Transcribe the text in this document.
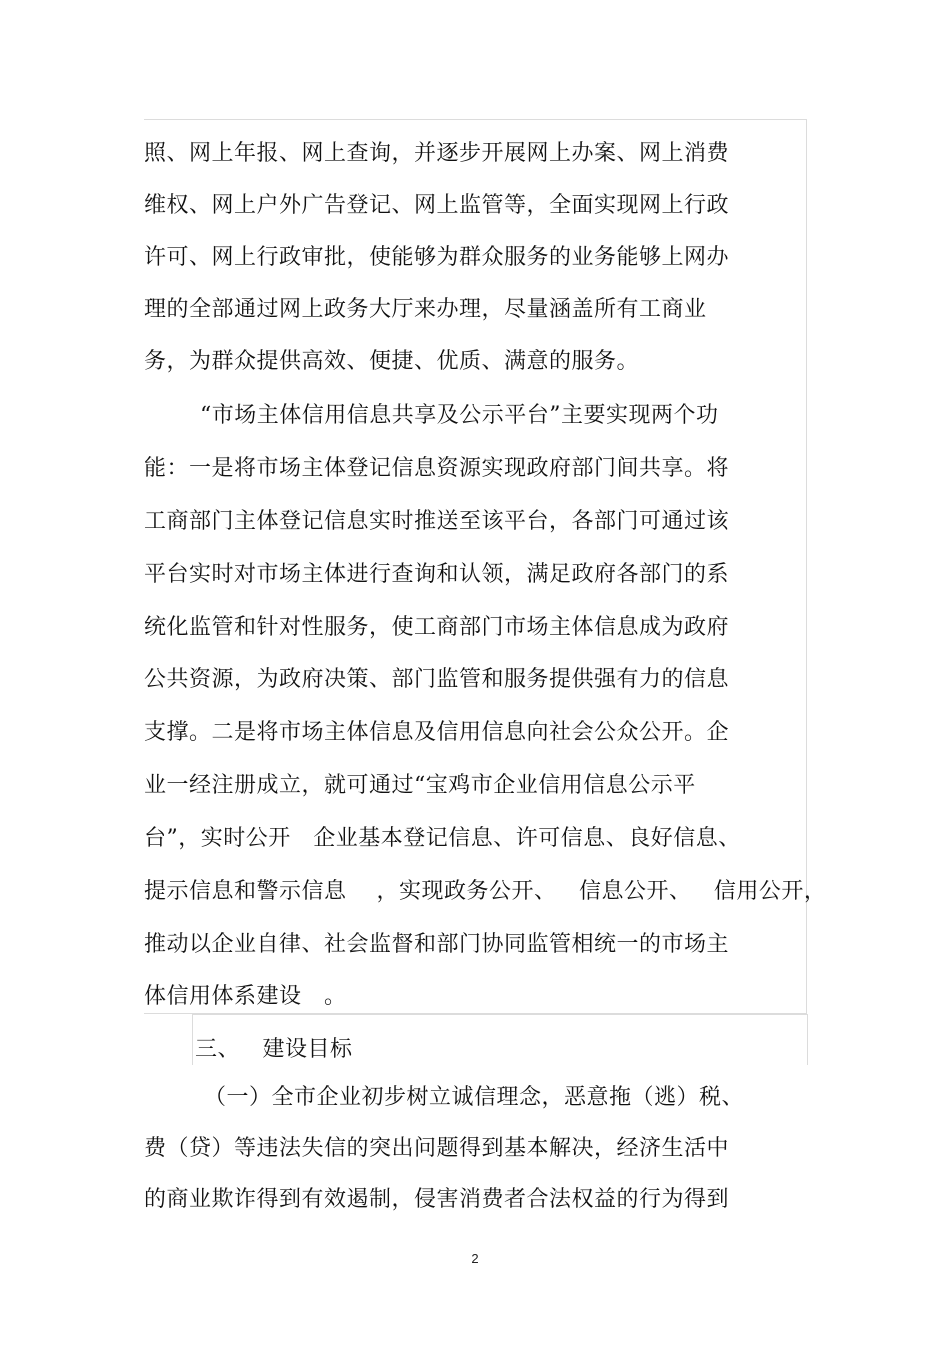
照、网上年报、网上查询，并逐步开展网上办案、网上消费
维权、网上户外广告登记、网上监管等，全面实现网上行政
许可、网上行政审批，使能够为群众服务的业务能够上网办
理的全部通过网上政务大厅来办理，尽量涵盖所有工商业
务，为群众提供高效、便捷、优质、满意的服务。
“市场主体信用信息共享及公示平台”主要实现两个功
能：一是将市场主体登记信息资源实现政府部门间共享。将
工商部门主体登记信息实时推送至该平台，各部门可通过该
平台实时对市场主体进行查询和认领，满足政府各部门的系
统化监管和针对性服务，使工商部门市场主体信息成为政府
公共资源，为政府决策、部门监管和服务提供强有力的信息
支撑。二是将市场主体信息及信用信息向社会公众公开。企
业一经注册成立，就可通过“宝鸡市企业信用信息公示平
台”，实时公开   企业基本登记信息、许可信息、良好信息、
提示信息和警示信息    ，实现政务公开、   信息公开、   信用公开，
推动以企业自律、社会监督和部门协同监管相统一的市场主
体信用体系建设   。
三、   建设目标
（一）全市企业初步树立诚信理念，恶意拖（逃）税、
费（贷）等违法失信的突出问题得到基本解决，经济生活中
的商业欺诈得到有效遏制，侵害消费者合法权益的行为得到
2
